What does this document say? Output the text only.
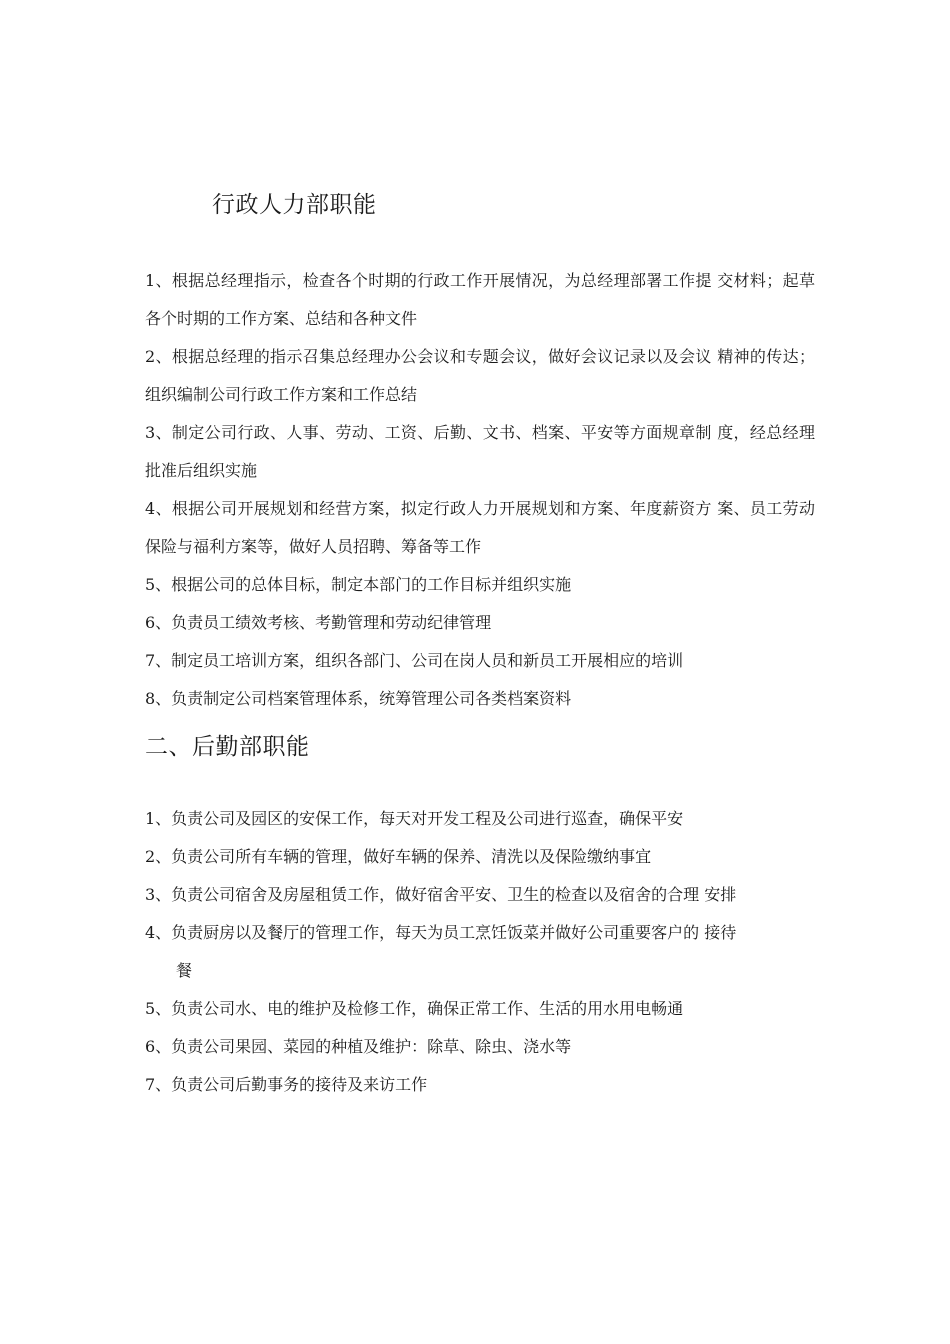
行政人力部职能
1、根据总经理指示，检查各个时期的行政工作开展情况，为总经理部署工作提 交材料；起草各个时期的工作方案、总结和各种文件
2、根据总经理的指示召集总经理办公会议和专题会议，做好会议记录以及会议 精神的传达；组织编制公司行政工作方案和工作总结
3、制定公司行政、人事、劳动、工资、后勤、文书、档案、平安等方面规章制 度，经总经理批准后组织实施
4、根据公司开展规划和经营方案，拟定行政人力开展规划和方案、年度薪资方 案、员工劳动保险与福利方案等，做好人员招聘、筹备等工作
5、根据公司的总体目标，制定本部门的工作目标并组织实施
6、负责员工绩效考核、考勤管理和劳动纪律管理
7、制定员工培训方案，组织各部门、公司在岗人员和新员工开展相应的培训
8、负责制定公司档案管理体系，统筹管理公司各类档案资料
二、后勤部职能
1、负责公司及园区的安保工作，每天对开发工程及公司进行巡查，确保平安
2、负责公司所有车辆的管理，做好车辆的保养、清洗以及保险缴纳事宜
3、负责公司宿舍及房屋租赁工作，做好宿舍平安、卫生的检查以及宿舍的合理 安排
4、负责厨房以及餐厅的管理工作，每天为员工烹饪饭菜并做好公司重要客户的 接待
餐
5、负责公司水、电的维护及检修工作，确保正常工作、生活的用水用电畅通
6、负责公司果园、菜园的种植及维护：除草、除虫、浇水等
7、负责公司后勤事务的接待及来访工作
